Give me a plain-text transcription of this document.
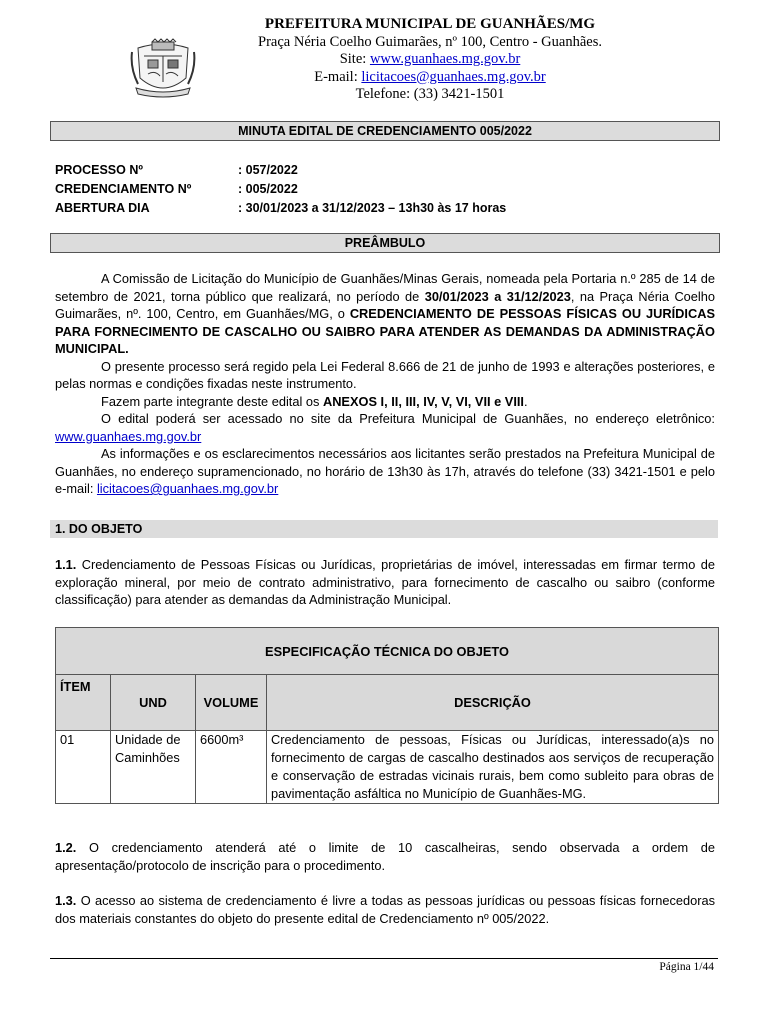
PREFEITURA MUNICIPAL DE GUANHÃES/MG
Praça Néria Coelho Guimarães, nº 100, Centro - Guanhães.
Site: www.guanhaes.mg.gov.br
E-mail: licitacoes@guanhaes.mg.gov.br
Telefone: (33) 3421-1501
MINUTA EDITAL DE CREDENCIAMENTO 005/2022
PROCESSO Nº	: 057/2022
CREDENCIAMENTO Nº	: 005/2022
ABERTURA DIA	: 30/01/2023 a 31/12/2023 – 13h30 às 17 horas
PREÂMBULO

A Comissão de Licitação do Município de Guanhães/Minas Gerais, nomeada pela Portaria n.º 285 de 14 de setembro de 2021, torna público que realizará, no período de 30/01/2023 a 31/12/2023, na Praça Néria Coelho Guimarães, nº. 100, Centro, em Guanhães/MG, o CREDENCIAMENTO DE PESSOAS FÍSICAS OU JURÍDICAS PARA FORNECIMENTO DE CASCALHO OU SAIBRO PARA ATENDER AS DEMANDAS DA ADMINISTRAÇÃO MUNICIPAL.

O presente processo será regido pela Lei Federal 8.666 de 21 de junho de 1993 e alterações posteriores, e pelas normas e condições fixadas neste instrumento.

Fazem parte integrante deste edital os ANEXOS I, II, III, IV, V, VI, VII e VIII.

O edital poderá ser acessado no site da Prefeitura Municipal de Guanhães, no endereço eletrônico: www.guanhaes.mg.gov.br

As informações e os esclarecimentos necessários aos licitantes serão prestados na Prefeitura Municipal de Guanhães, no endereço supramencionado, no horário de 13h30 às 17h, através do telefone (33) 3421-1501 e pelo e-mail: licitacoes@guanhaes.mg.gov.br

1. DO OBJETO

1.1. Credenciamento de Pessoas Físicas ou Jurídicas, proprietárias de imóvel, interessadas em firmar termo de exploração mineral, por meio de contrato administrativo, para fornecimento de cascalho ou saibro (conforme classificação) para atender as demandas da Administração Municipal.

ESPECIFICAÇÃO TÉCNICA DO OBJETO			
ÍTEM	UND	VOLUME	DESCRIÇÃO
01	Unidade de Caminhões	6600m³	Credenciamento de pessoas, Físicas ou Jurídicas, interessado(a)s no fornecimento de cargas de cascalho destinados aos serviços de recuperação e conservação de estradas vicinais rurais, bem como subleito para obras de pavimentação asfáltica no Município de Guanhães-MG.

1.2. O credenciamento atenderá até o limite de 10 cascalheiras, sendo observada a ordem de apresentação/protocolo de inscrição para o procedimento.

1.3. O acesso ao sistema de credenciamento é livre a todas as pessoas jurídicas ou pessoas físicas fornecedoras dos materiais constantes do objeto do presente edital de Credenciamento nº 005/2022.

Página 1/44
